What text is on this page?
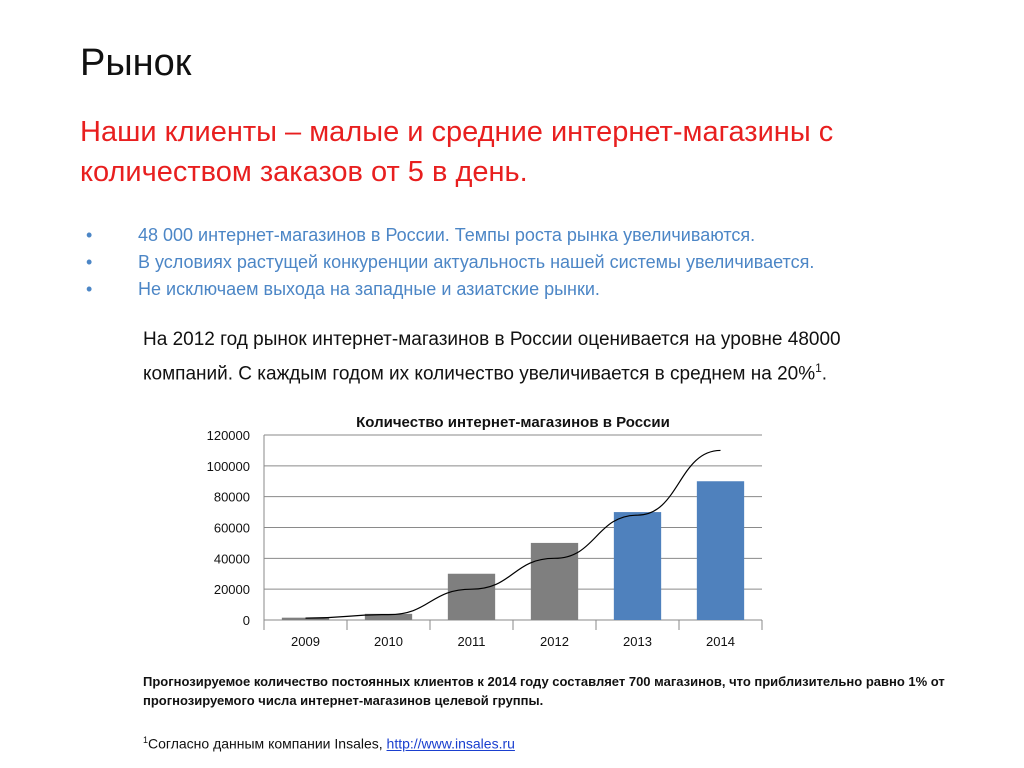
Рынок
Наши клиенты – малые и средние интернет-магазины с количеством заказов от 5 в день.
•	48 000 интернет-магазинов в России. Темпы роста рынка увеличиваются.
•	В условиях растущей конкуренции актуальность нашей системы увеличивается.
•	Не исключаем выхода на западные и азиатские рынки.
На 2012 год рынок интернет-магазинов в России оценивается на уровне 48000 компаний. С каждым годом их количество увеличивается в среднем на 20%$^1$.
Количество интернет-магазинов в России
0
20000
40000
60000
80000
100000
120000
2009	2010	2011	2012	2013	2014
Прогнозируемое количество постоянных клиентов к 2014 году составляет 700 магазинов, что приблизительно равно 1% от прогнозируемого числа интернет-магазинов целевой группы.
$^1$Согласно данным компании Insales, http://www.insales.ru
